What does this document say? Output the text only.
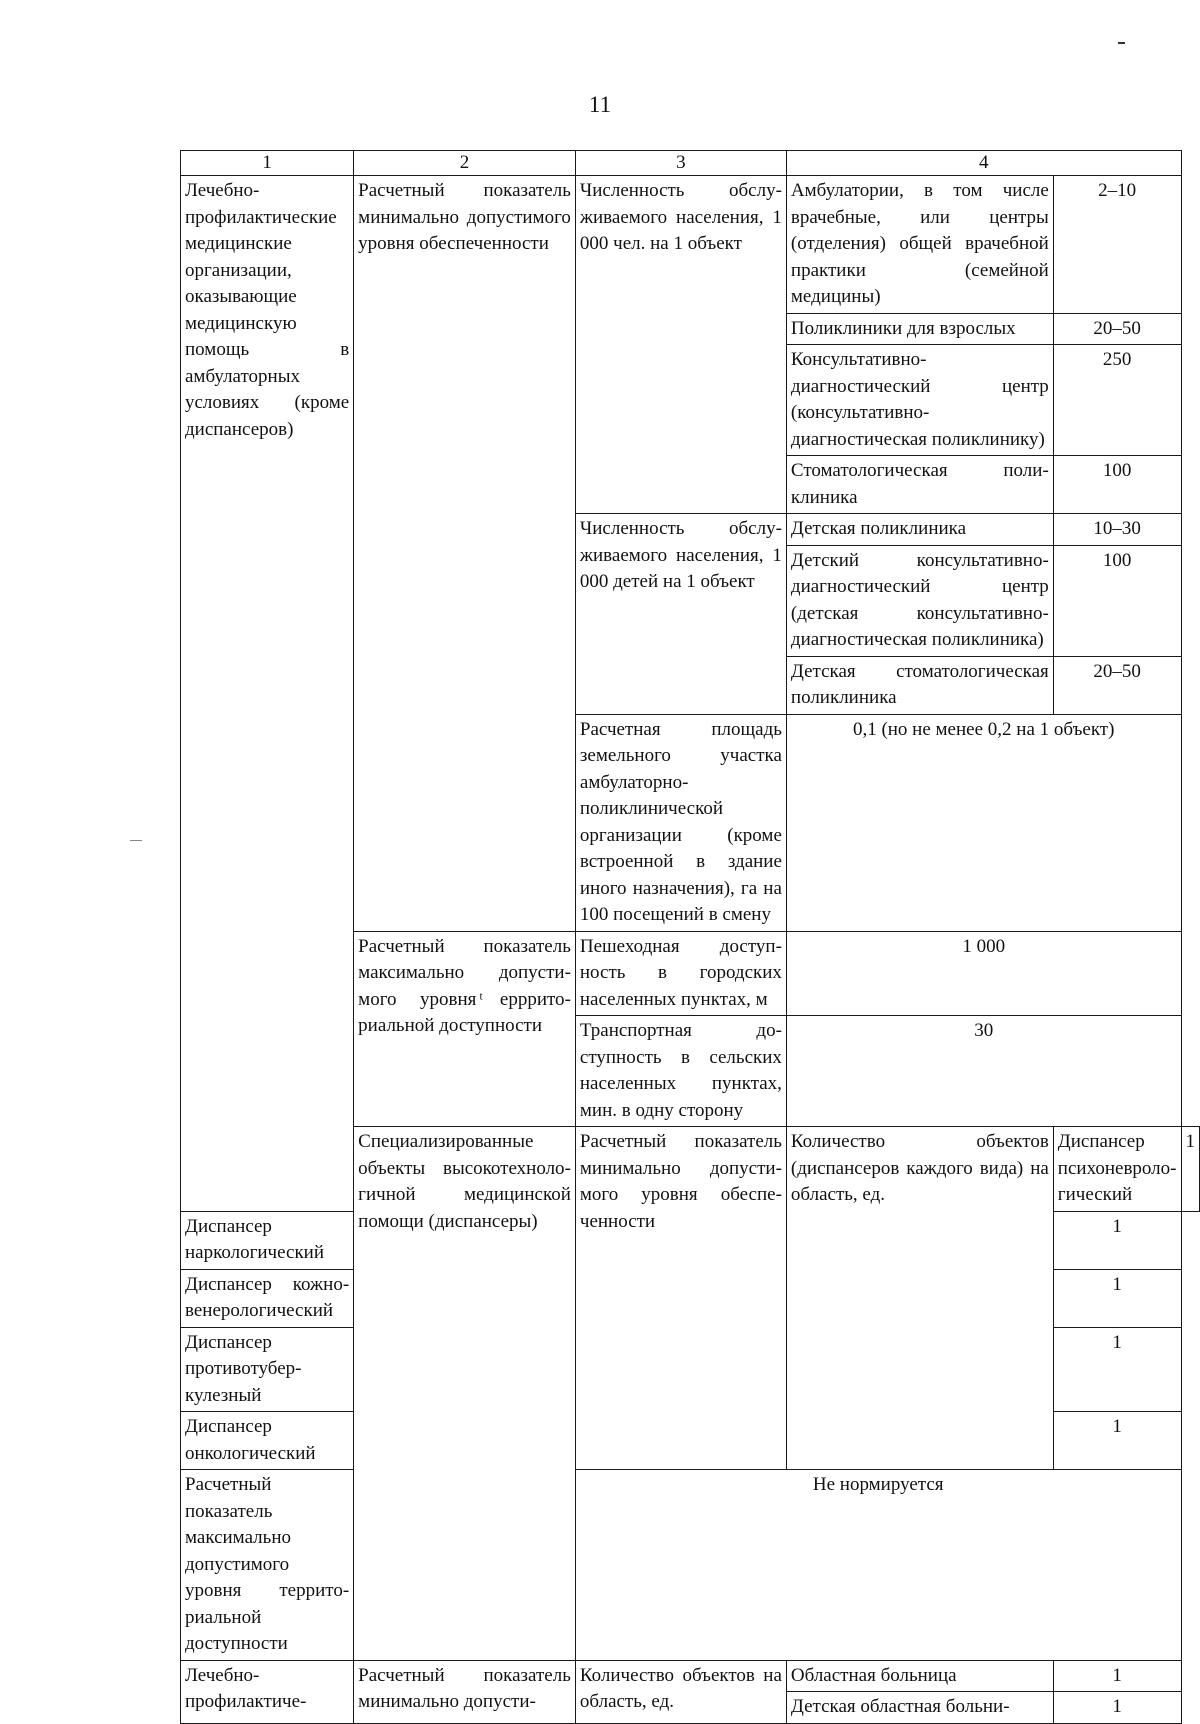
11
1	2	3	4		
Лечебно-профилактические медицинские организации, оказывающие медицинскую помощь в амбулаторных условиях (кроме диспансеров)	Расчетный показатель минимально допустимого уровня обеспеченности	Численность обслуживаемого населения, 1 000 чел. на 1 объект	Амбулатории, в том числе врачебные, или центры (отделения) общей врачебной практики (семейной медицины)	2–10	
			Поликлиники для взрослых	20–50	
			Консультативно-диагностический центр (консультативно-диагностическая поликлинику)	250	
			Стоматологическая поликлиника	100	
		Численность обслуживаемого населения, 1 000 детей на 1 объект	Детская поликлиника	10–30	
			Детский консультативно-диагностический центр (детская консультативно-диагностическая поликлиника)	100	
			Детская стоматологическая поликлиника	20–50	
		Расчетная площадь земельного участка амбулаторно-поликлинической организации (кроме встроенной в здание иного назначения), га на 100 посещений в смену	0,1 (но не менее 0,2 на 1 объект)		
	Расчетный показатель максимально допустимого уровня ͭеррриториальной доступности	Пешеходная доступность в городских населенных пунктах, м	1 000		
		Транспортная доступность в сельских населенных пунктах, мин. в одну сторону	30		
	Специализированные объекты высокотехнологичной медицинской помощи (диспансеры)	Расчетный показатель минимально допустимого уровня обеспеченности	Количество объектов (диспансеров каждого вида) на область, ед.	Диспансер психоневрологический	1
Диспансер наркологический				1	
Диспансер кожно-венерологический				1	
Диспансер противотуберкулезный				1	
Диспансер онкологический				1	
Расчетный показатель максимально допустимого уровня территориальной доступности		Не нормируется			
Лечебно-профилактиче-	Расчетный показатель минимально допусти-	Количество объектов на область, ед.	Областная больница	1	
			Детская областная больни-	1	
